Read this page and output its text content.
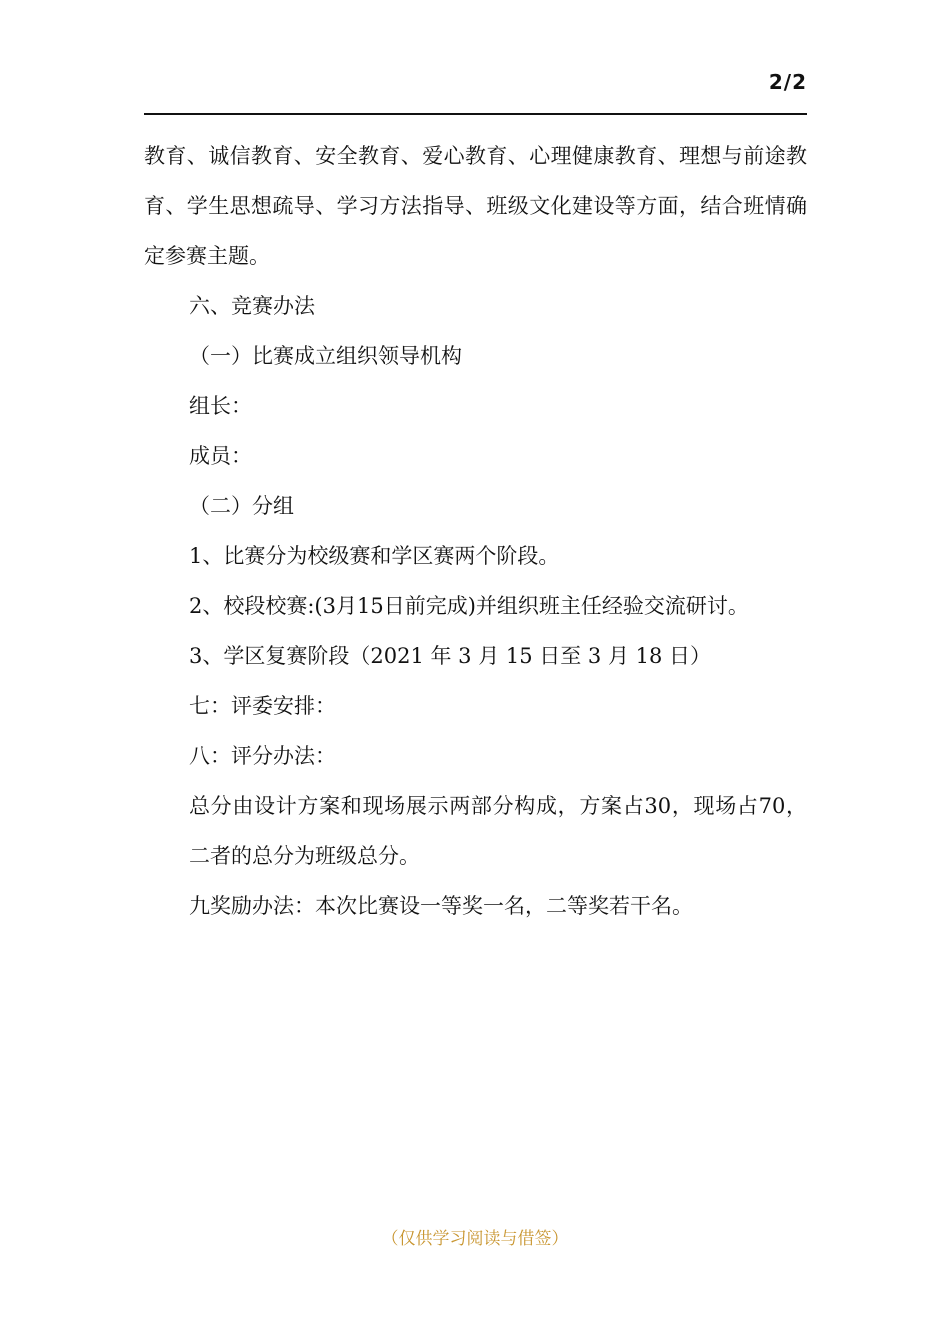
2/2

教育、诚信教育、安全教育、爱心教育、心理健康教育、理想与前途教育、学生思想疏导、学习方法指导、班级文化建设等方面，结合班情确定参赛主题。

六、竞赛办法

（一）比赛成立组织领导机构

组长：

成员：

（二）分组

1、比赛分为校级赛和学区赛两个阶段。

2、校段校赛:(3月15日前完成)并组织班主任经验交流研讨。

3、学区复赛阶段（2021 年 3 月 15 日至 3 月 18 日）

七：评委安排：

八：评分办法：

总分由设计方案和现场展示两部分构成，方案占30，现场占70，二者的总分为班级总分。

九奖励办法：本次比赛设一等奖一名，二等奖若干名。

（仅供学习阅读与借签）
